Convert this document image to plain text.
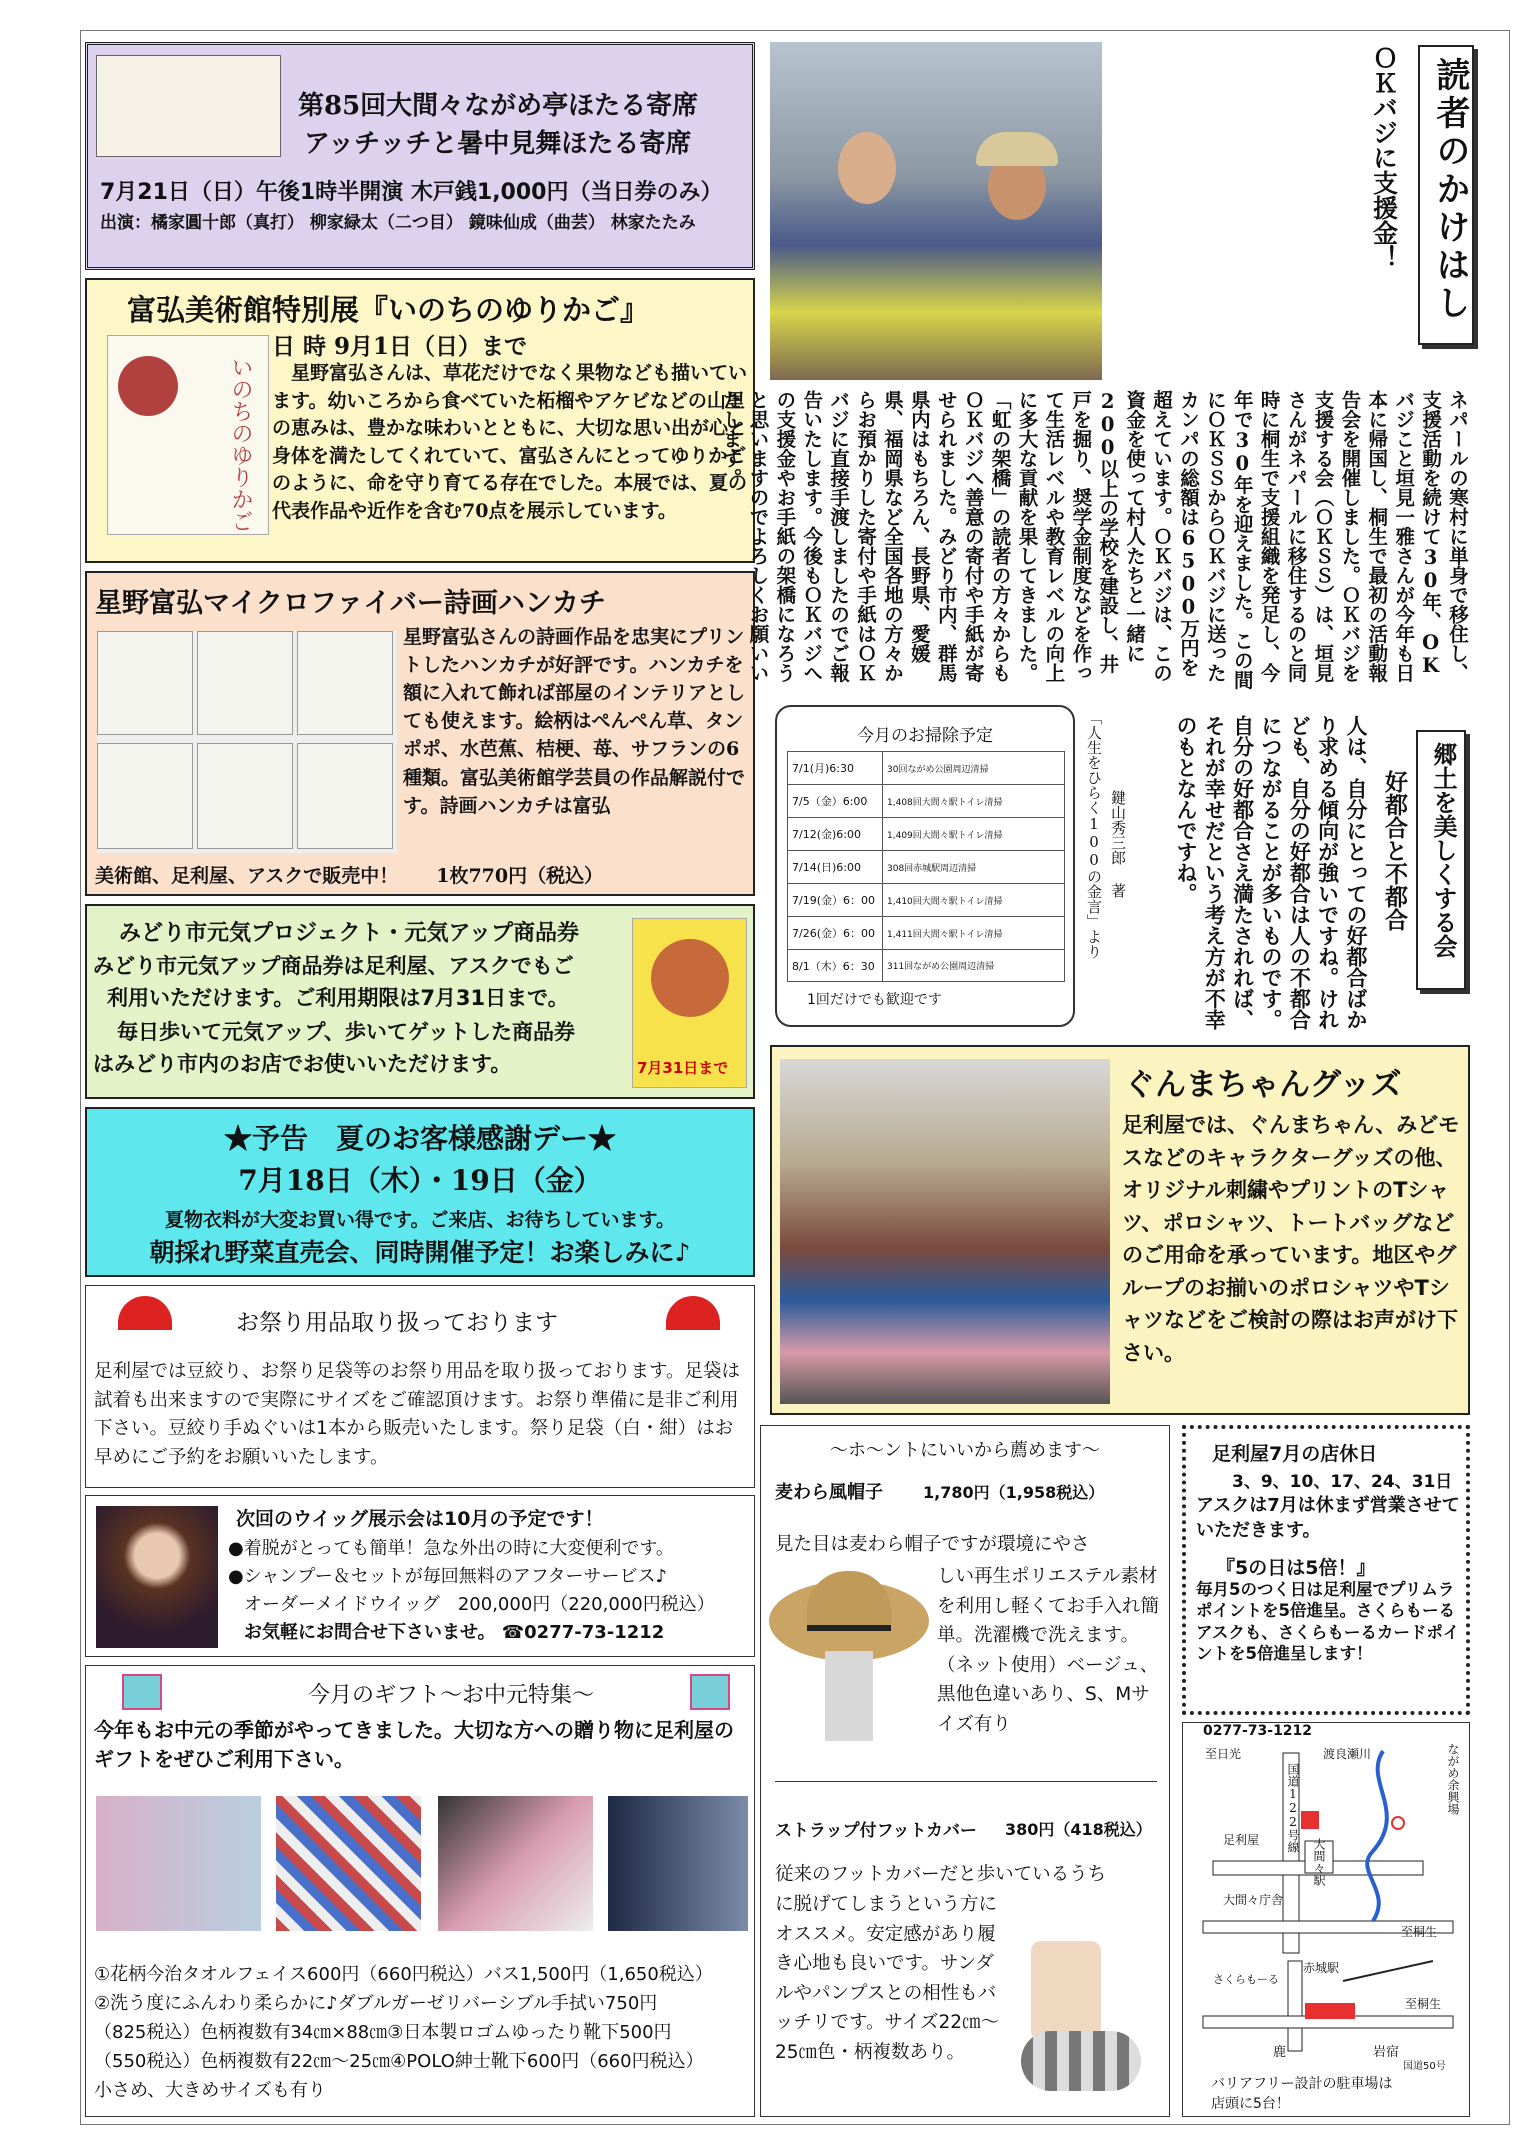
第85回大間々ながめ亭ほたる寄席
アッチッチと暑中見舞ほたる寄席
7月21日（日）午後1時半開演 木戸銭1,000円（当日券のみ）
出演：橘家圓十郎（真打） 柳家緑太（二つ目） 鏡味仙成（曲芸） 林家たたみ
富弘美術館特別展『いのちのゆりかご』
いのちのゆりかご
日 時 9月1日（日）まで
星野富弘さんは、草花だけでなく果物なども描いています。幼いころから食べていた柘榴やアケビなどの山里の恵みは、豊かな味わいとともに、大切な思い出が心と身体を満たしてくれていて、富弘さんにとってゆりかごのように、命を守り育てる存在でした。本展では、夏の代表作品や近作を含む70点を展示しています。
星野富弘マイクロファイバー詩画ハンカチ
星野富弘さんの詩画作品を忠実にプリントしたハンカチが好評です。ハンカチを額に入れて飾れば部屋のインテリアとしても使えます。絵柄はぺんぺん草、タンポポ、水芭蕉、桔梗、苺、サフランの6種類。富弘美術館学芸員の作品解説付です。詩画ハンカチは富弘
美術館、足利屋、アスクで販売中！　　1枚770円（税込）
みどり市元気プロジェクト・元気アップ商品券
みどり市元気アップ商品券は足利屋、アスクでもご
利用いただけます。ご利用期限は7月31日まで。
毎日歩いて元気アップ、歩いてゲットした商品券
はみどり市内のお店でお使いいただけます。	7月31日まで
★予告　夏のお客様感謝デー★
7月18日（木）・19日（金）
夏物衣料が大変お買い得です。ご来店、お待ちしています。
朝採れ野菜直売会、同時開催予定！お楽しみに♪
お祭り用品取り扱っております
足利屋では豆絞り、お祭り足袋等のお祭り用品を取り扱っております。足袋は試着も出来ますので実際にサイズをご確認頂けます。お祭り準備に是非ご利用下さい。豆絞り手ぬぐいは1本から販売いたします。祭り足袋（白・紺）はお早めにご予約をお願いいたします。
次回のウイッグ展示会は10月の予定です！
●着脱がとっても簡単！急な外出の時に大変便利です。
●シャンプー＆セットが毎回無料のアフターサービス♪
オーダーメイドウイッグ　200,000円（220,000円税込）
お気軽にお問合せ下さいませ。 ☎0277-73-1212
今月のギフト～お中元特集～
今年もお中元の季節がやってきました。大切な方への贈り物に足利屋のギフトをぜひご利用下さい。
①花柄今治タオルフェイス600円（660円税込）バス1,500円（1,650税込）
②洗う度にふんわり柔らかに♪ダブルガーゼリバーシブル手拭い750円
（825税込）色柄複数有34㎝×88㎝③日本製ロゴムゆったり靴下500円
（550税込）色柄複数有22㎝～25㎝④POLO紳士靴下600円（660円税込）
小さめ、大きめサイズも有り
ＯＫバジに支援金！ 読者のかけはし
ネパールの寒村に単身で移住し、支援活動を続けて30年、OKバジこと垣見一雅さんが今年も日本に帰国し、桐生で最初の活動報告会を開催しました。ＯＫバジを支援する会（ＯＫＳＳ）は、垣見さんがネパールに移住するのと同時に桐生で支援組織を発足し、今年で30年を迎えました。この間にＯＫＳＳからＯＫバジに送ったカンパの総額は6500万円を超えています。ＯＫバジは、この資金を使って村人たちと一緒に200以上の学校を建設し、井戸を掘り、奨学金制度などを作って生活レベルや教育レベルの向上に多大な貢献を果してきました。「虹の架橋」の読者の方々からもＯＫバジへ善意の寄付や手紙が寄せられました。みどり市内、群馬県内はもちろん、長野県、愛媛県、福岡県など全国各地の方々からお預かりした寄付や手紙はＯＫバジに直接手渡しましたのでご報告いたします。今後もＯＫバジへの支援金やお手紙の架橋になろうと思いますのでよろしくお願いいたします。
今月のお掃除予定
7/1(月)6:30	30回ながめ公園周辺清掃
7/5（金）6:00	1,408回大間々駅トイレ清掃
7/12(金)6:00	1,409回大間々駅トイレ清掃
7/14(日)6:00	308回赤城駅周辺清掃
7/19(金）6：00	1,410回大間々駅トイレ清掃
7/26(金）6：00	1,411回大間々駅トイレ清掃
8/1（木）6：30	311回ながめ公園周辺清掃
1回だけでも歓迎です
「人生をひらく100の金言」より 鍵山秀三郎 著	人は、自分にとっての好都合ばかり求める傾向が強いですね。けれども、自分の好都合は人の不都合につながることが多いものです。自分の好都合さえ満たされれば、それが幸せだという考え方が不幸のもとなんですね。	好都合と不都合 郷土を美しくする会
ぐんまちゃんグッズ
足利屋では、ぐんまちゃん、みどモスなどのキャラクターグッズの他、オリジナル刺繍やプリントのTシャツ、ポロシャツ、トートバッグなどのご用命を承っています。地区やグループのお揃いのポロシャツやTシャツなどをご検討の際はお声がけ下さい。
～ホ～ントにいいから薦めます～
麦わら風帽子	1,780円（1,958税込）
見た目は麦わら帽子ですが環境にやさ
しい再生ポリエステル素材を利用し軽くてお手入れ簡単。洗濯機で洗えます。（ネット使用）ベージュ、黒他色違いあり、S、Mサイズ有り
ストラップ付フットカバー 380円（418税込）
従来のフットカバーだと歩いているうち
に脱げてしまうという方にオススメ。安定感があり履き心地も良いです。サンダルやパンプスとの相性もバッチリです。サイズ22㎝～25㎝色・柄複数あり。
足利屋7月の店休日
3、9、10、17、24、31日
アスクは7月は休まず営業させていただきます。
『5の日は5倍！』
毎月5のつく日は足利屋でプリムラポイントを5倍進呈。さくらもーるアスクも、さくらもーるカードポイントを5倍進呈します！
0277-73-1212
至日光	渡良瀬川	ながめ余興場
国道122号線
足利屋	大間々駅
大間々庁舎
至桐生
赤城駅
さくらもーる
至桐生
鹿	岩宿
国道50号
バリアフリー設計の駐車場は
店頭に5台！
